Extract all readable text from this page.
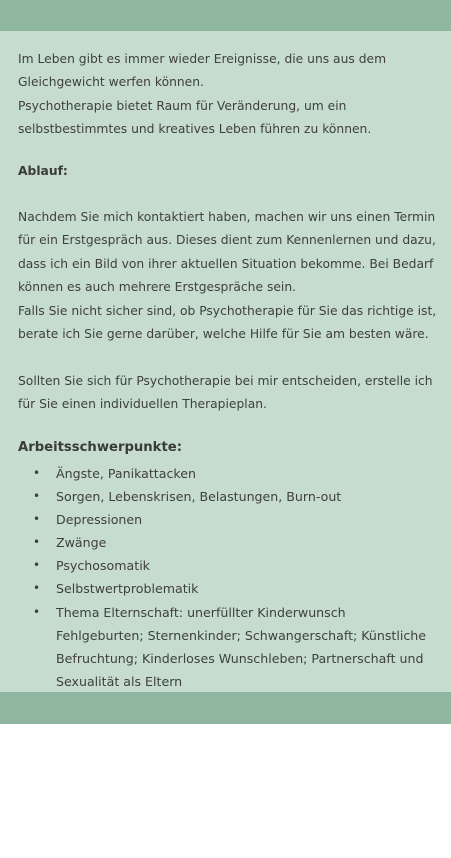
Im Leben gibt es immer wieder Ereignisse, die uns aus dem Gleichgewicht werfen können.

Psychotherapie bietet Raum für Veränderung, um ein selbstbestimmtes und kreatives Leben führen zu können.

Ablauf:

Nachdem Sie mich kontaktiert haben, machen wir uns einen Termin für ein Erstgespräch aus. Dieses dient zum Kennenlernen und dazu, dass ich ein Bild von ihrer aktuellen Situation bekomme. Bei Bedarf können es auch mehrere Erstgespräche sein.

Falls Sie nicht sicher sind, ob Psychotherapie für Sie das richtige ist, berate ich Sie gerne darüber, welche Hilfe für Sie am besten wäre.

Sollten Sie sich für Psychotherapie bei mir entscheiden, erstelle ich für Sie einen individuellen Therapieplan.

Arbeitsschwerpunkte:
• Ängste, Panikattacken
• Sorgen, Lebenskrisen, Belastungen, Burn-out
• Depressionen
• Zwänge
• Psychosomatik
• Selbstwertproblematik
• Thema Elternschaft: unerfüllter Kinderwunsch Fehlgeburten; Sternenkinder; Schwangerschaft; Künstliche Befruchtung; Kinderloses Wunschleben; Partnerschaft und Sexualität als Eltern
